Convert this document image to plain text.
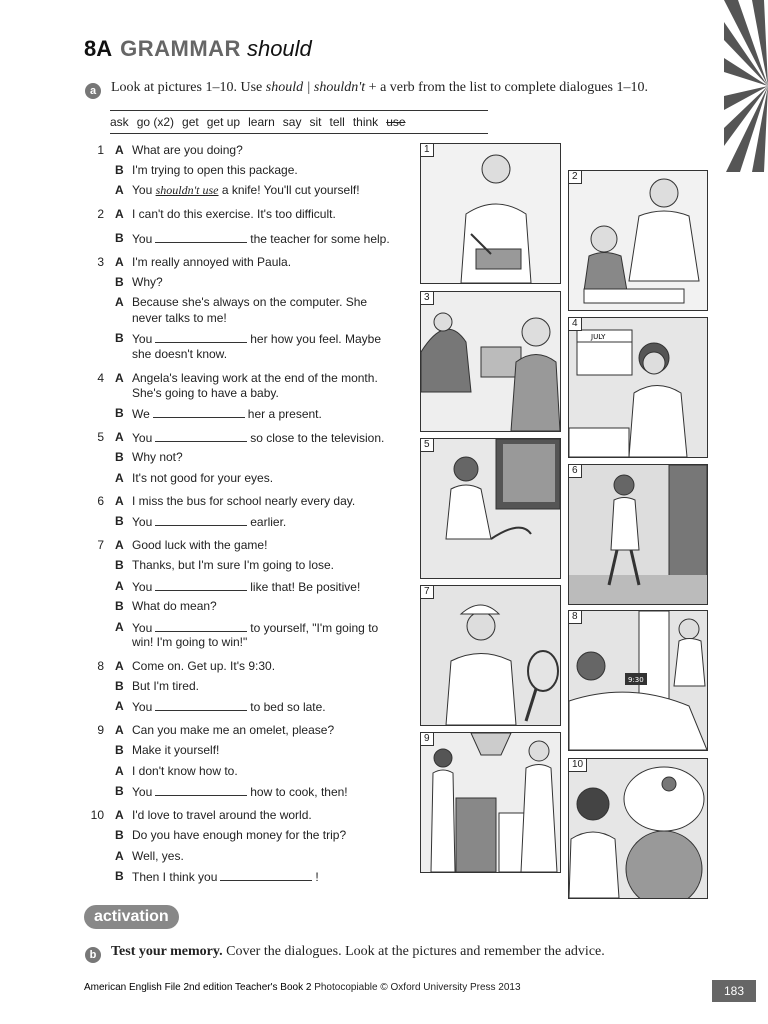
8A GRAMMAR should
a	Look at pictures 1–10. Use should | shouldn't + a verb from the list to complete dialogues 1–10.
ask go (x2) get get up learn say sit tell think use
1 A What are you doing?
B I'm trying to open this package.
A You shouldn't use a knife! You'll cut yourself!
2 A I can't do this exercise. It's too difficult.
B You	the teacher for some help.
3 A I'm really annoyed with Paula.
B Why?
A Because she's always on the computer. She
never talks to me!
B You	her how you feel. Maybe
she doesn't know.
4 A Angela's leaving work at the end of the month.
She's going to have a baby.
B We	her a present.
5 A You	so close to the television.
B Why not?
A It's not good for your eyes.
6 A I miss the bus for school nearly every day.
B You	earlier.
7 A Good luck with the game!
B Thanks, but I'm sure I'm going to lose.
A You	like that! Be positive!
B What do mean?
A You	to yourself, "I'm going to
win! I'm going to win!"
8 A Come on. Get up. It's 9:30.
B But I'm tired.
A You	to bed so late.
9 A Can you make me an omelet, please?
B Make it yourself!
A I don't know how to.
B You	how to cook, then!
10 A I'd love to travel around the world.
B Do you have enough money for the trip?
A Well, yes.
B Then I think you	!
1
2
3
JULY
4
5
6
7
9:30
8
9
10
activation
b	Test your memory. Cover the dialogues. Look at the pictures and remember the advice.
American English File 2nd edition Teacher's Book 2 Photocopiable © Oxford University Press 2013	183
